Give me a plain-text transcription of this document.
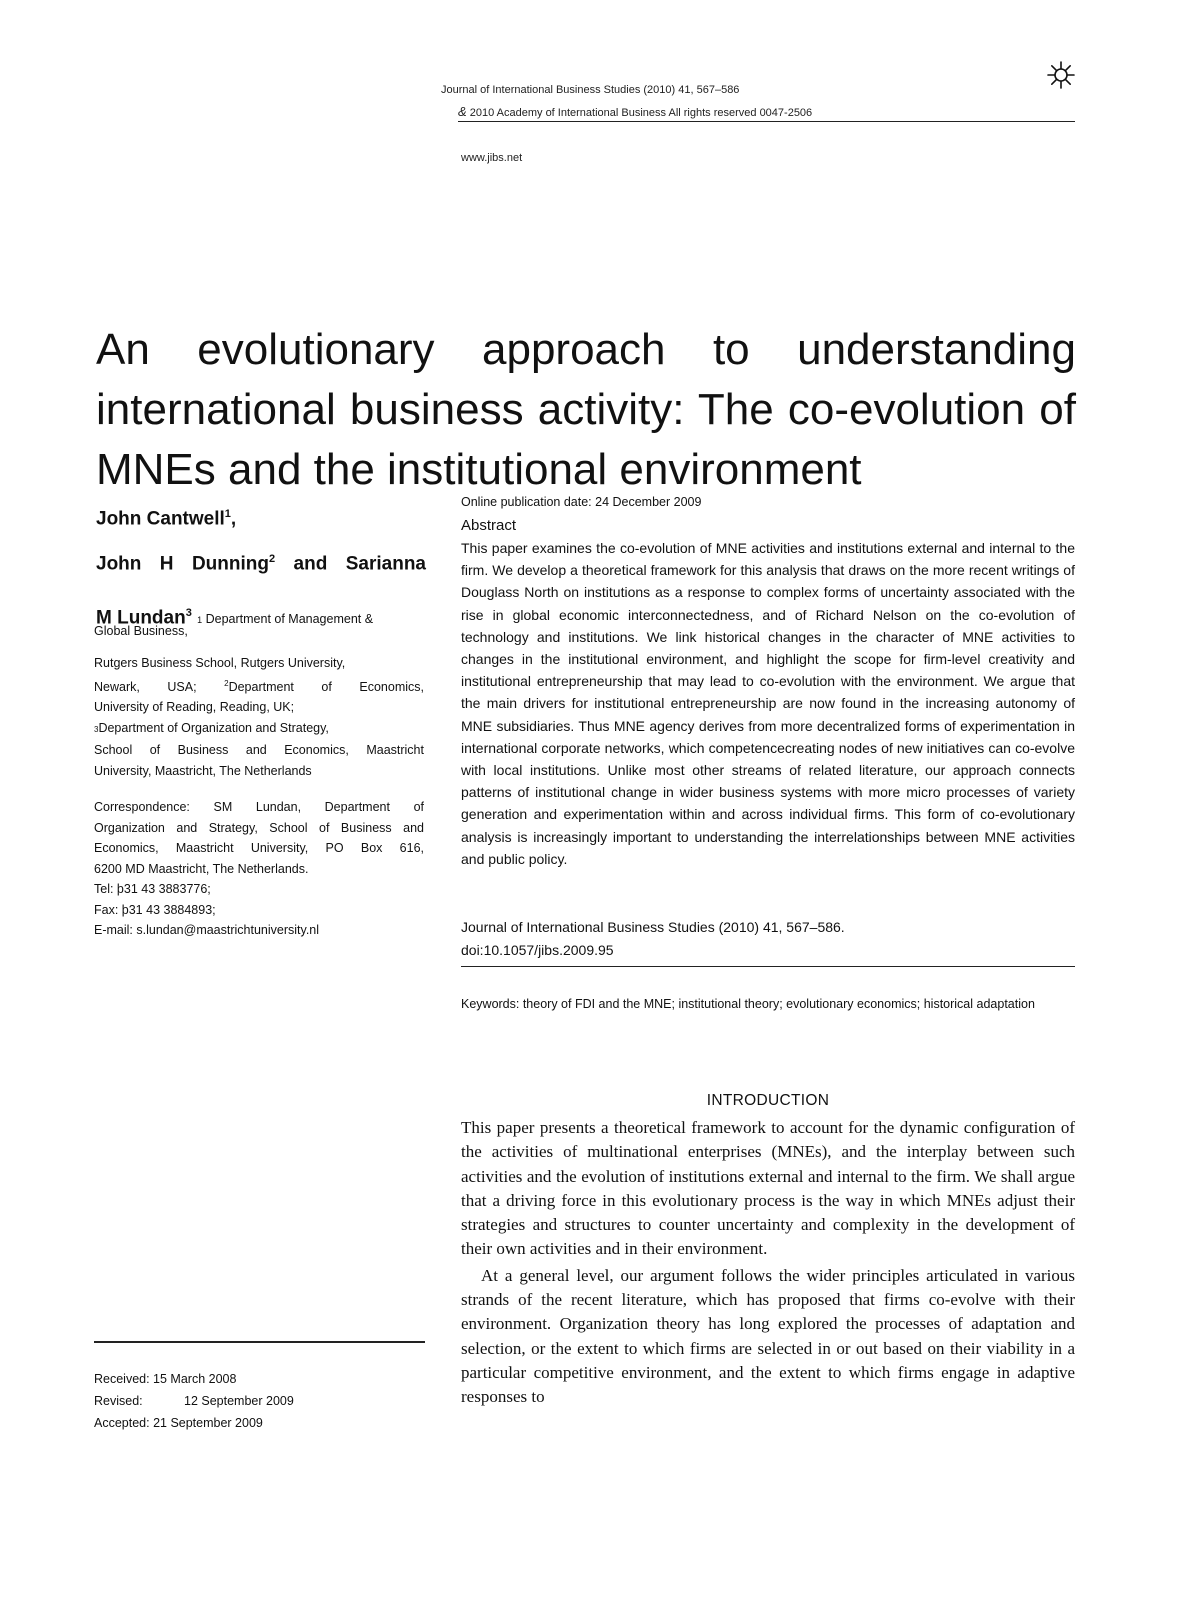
Journal of International Business Studies (2010) 41, 567–586
& 2010 Academy of International Business All rights reserved 0047-2506
www.jibs.net
An evolutionary approach to understanding
international business activity: The co-evolution of
MNEs and the institutional environment
John Cantwell$^1$,
John H Dunning$^2$ and Sarianna
M Lundan$^3$ 1 Department of Management &
Global Business,
Rutgers Business School, Rutgers University,
Newark, USA; $^2$Department of Economics,
University of Reading, Reading, UK;
3Department of Organization and Strategy,
School of Business and Economics, Maastricht
University, Maastricht, The Netherlands
Correspondence: SM Lundan, Department of
Organization and Strategy, School of Business and
Economics, Maastricht University, PO Box 616,
6200 MD Maastricht, The Netherlands.
Tel: þ31 43 3883776;
Fax: þ31 43 3884893;
E-mail: s.lundan@maastrichtuniversity.nl
Received: 15 March 2008
Revised:	12 September 2009
Accepted: 21 September 2009
Online publication date: 24 December 2009
Abstract
This paper examines the co-evolution of MNE activities and institutions external and internal to the firm. We develop a theoretical framework for this analysis that draws on the more recent writings of Douglass North on institutions as a response to complex forms of uncertainty associated with the rise in global economic interconnectedness, and of Richard Nelson on the co-evolution of technology and institutions. We link historical changes in the character of MNE activities to changes in the institutional environment, and highlight the scope for firm-level creativity and institutional entrepreneurship that may lead to co-evolution with the environment. We argue that the main drivers for institutional entrepreneurship are now found in the increasing autonomy of MNE subsidiaries. Thus MNE agency derives from more decentralized forms of experimentation in international corporate networks, which competencecreating nodes of new initiatives can co-evolve with local institutions. Unlike most other streams of related literature, our approach connects patterns of institutional change in wider business systems with more micro processes of variety generation and experimentation within and across individual firms. This form of co-evolutionary analysis is increasingly important to understanding the interrelationships between MNE activities and public policy.
Journal of International Business Studies (2010) 41, 567–586.
doi:10.1057/jibs.2009.95
Keywords: theory of FDI and the MNE; institutional theory; evolutionary economics; historical adaptation
INTRODUCTION

This paper presents a theoretical framework to account for the dynamic configuration of the activities of multinational enterprises (MNEs), and the interplay between such activities and the evolution of institutions external and internal to the firm. We shall argue that a driving force in this evolutionary process is the way in which MNEs adjust their strategies and structures to counter uncertainty and complexity in the development of their own activities and in their environment.

At a general level, our argument follows the wider principles articulated in various strands of the recent literature, which has proposed that firms co-evolve with their environment. Organization theory has long explored the processes of adaptation and selection, or the extent to which firms are selected in or out based on their viability in a particular competitive environment, and the extent to which firms engage in adaptive responses to
